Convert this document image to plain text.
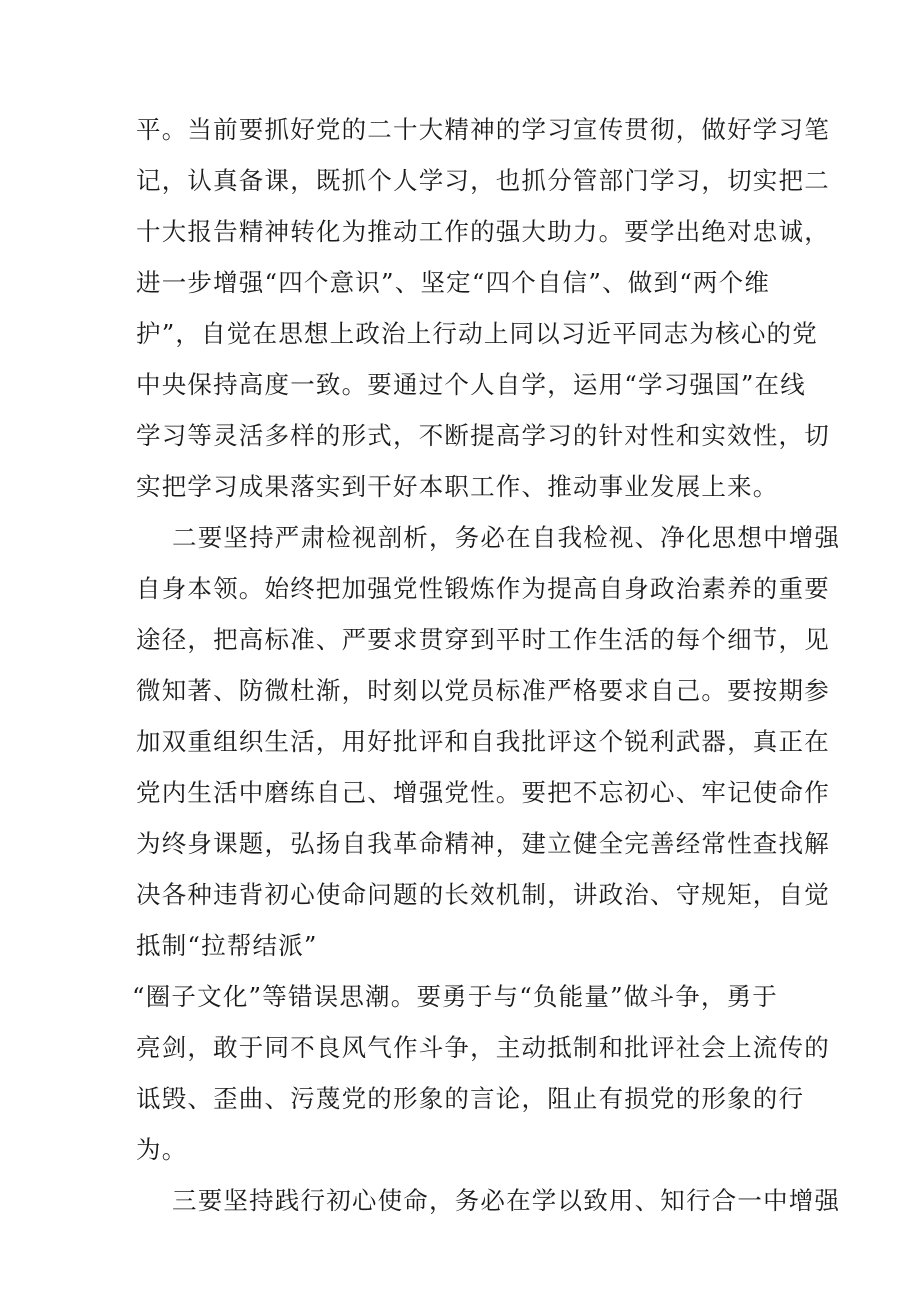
平。当前要抓好党的二十大精神的学习宣传贯彻，做好学习笔
记，认真备课，既抓个人学习，也抓分管部门学习，切实把二
十大报告精神转化为推动工作的强大助力。要学出绝对忠诚，
进一步增强“四个意识”、坚定“四个自信”、做到“两个维
护”，自觉在思想上政治上行动上同以习近平同志为核心的党
中央保持高度一致。要通过个人自学，运用“学习强国”在线
学习等灵活多样的形式，不断提高学习的针对性和实效性，切
实把学习成果落实到干好本职工作、推动事业发展上来。
二要坚持严肃检视剖析，务必在自我检视、净化思想中增强
自身本领。始终把加强党性锻炼作为提高自身政治素养的重要
途径，把高标准、严要求贯穿到平时工作生活的每个细节，见
微知著、防微杜渐，时刻以党员标准严格要求自己。要按期参
加双重组织生活，用好批评和自我批评这个锐利武器，真正在
党内生活中磨练自己、增强党性。要把不忘初心、牢记使命作
为终身课题，弘扬自我革命精神，建立健全完善经常性查找解
决各种违背初心使命问题的长效机制，讲政治、守规矩，自觉
抵制“拉帮结派”
“圈子文化”等错误思潮。要勇于与“负能量”做斗争，勇于
亮剑，敢于同不良风气作斗争，主动抵制和批评社会上流传的
诋毁、歪曲、污蔑党的形象的言论，阻止有损党的形象的行
为。
三要坚持践行初心使命，务必在学以致用、知行合一中增强
